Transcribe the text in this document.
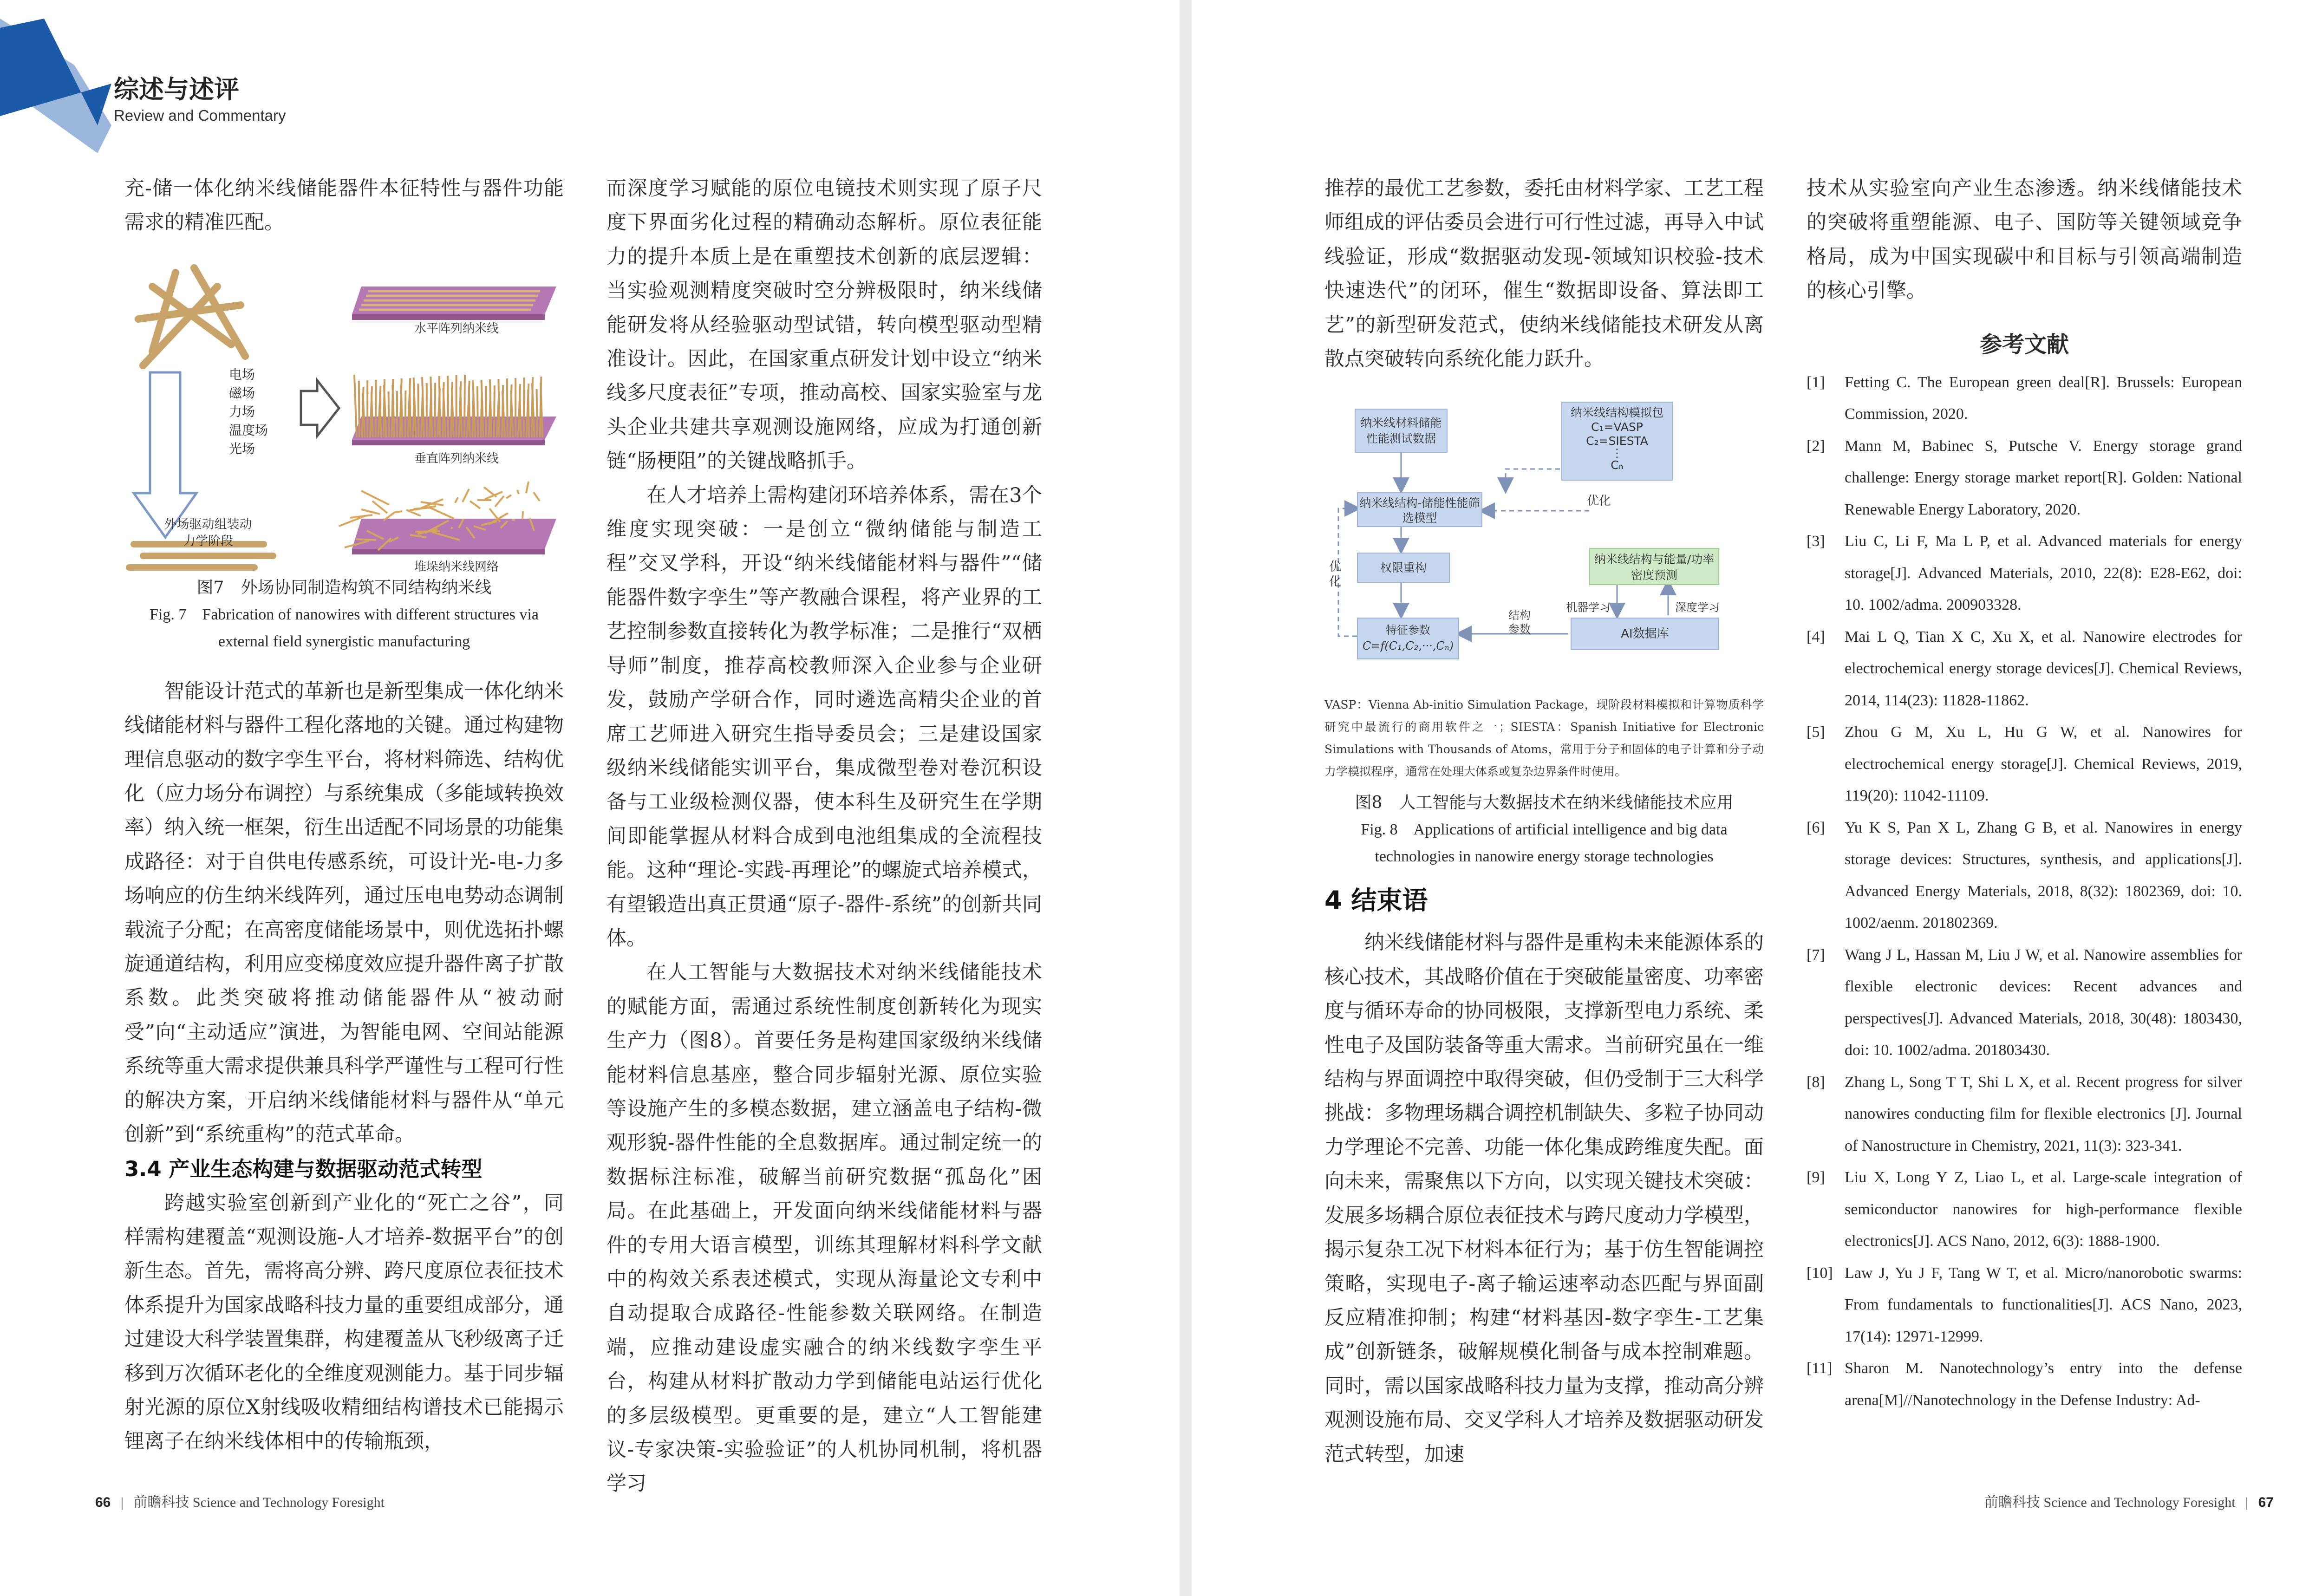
综述与述评
Review and Commentary

充-储一体化纳米线储能器件本征特性与器件功能需求的精准匹配。

电场
磁场
力场
温度场
光场
外场驱动组装动力学阶段
水平阵列纳米线
垂直阵列纳米线
堆垛纳米线网络
图7　外场协同制造构筑不同结构纳米线
Fig. 7　Fabrication of nanowires with different structures via
external field synergistic manufacturing

智能设计范式的革新也是新型集成一体化纳米线储能材料与器件工程化落地的关键。通过构建物理信息驱动的数字孪生平台，将材料筛选、结构优化（应力场分布调控）与系统集成（多能域转换效率）纳入统一框架，衍生出适配不同场景的功能集成路径：对于自供电传感系统，可设计光-电-力多场响应的仿生纳米线阵列，通过压电电势动态调制载流子分配；在高密度储能场景中，则优选拓扑螺旋通道结构，利用应变梯度效应提升器件离子扩散系数。此类突破将推动储能器件从“被动耐受”向“主动适应”演进，为智能电网、空间站能源系统等重大需求提供兼具科学严谨性与工程可行性的解决方案，开启纳米线储能材料与器件从“单元创新”到“系统重构”的范式革命。

3.4 产业生态构建与数据驱动范式转型

跨越实验室创新到产业化的“死亡之谷”，同样需构建覆盖“观测设施-人才培养-数据平台”的创新生态。首先，需将高分辨、跨尺度原位表征技术体系提升为国家战略科技力量的重要组成部分，通过建设大科学装置集群，构建覆盖从飞秒级离子迁移到万次循环老化的全维度观测能力。基于同步辐射光源的原位X射线吸收精细结构谱技术已能揭示锂离子在纳米线体相中的传输瓶颈，

而深度学习赋能的原位电镜技术则实现了原子尺度下界面劣化过程的精确动态解析。原位表征能力的提升本质上是在重塑技术创新的底层逻辑：当实验观测精度突破时空分辨极限时，纳米线储能研发将从经验驱动型试错，转向模型驱动型精准设计。因此，在国家重点研发计划中设立“纳米线多尺度表征”专项，推动高校、国家实验室与龙头企业共建共享观测设施网络，应成为打通创新链“肠梗阻”的关键战略抓手。

在人才培养上需构建闭环培养体系，需在3个维度实现突破：一是创立“微纳储能与制造工程”交叉学科，开设“纳米线储能材料与器件”“储能器件数字孪生”等产教融合课程，将产业界的工艺控制参数直接转化为教学标准；二是推行“双栖导师”制度，推荐高校教师深入企业参与企业研发，鼓励产学研合作，同时遴选高精尖企业的首席工艺师进入研究生指导委员会；三是建设国家级纳米线储能实训平台，集成微型卷对卷沉积设备与工业级检测仪器，使本科生及研究生在学期间即能掌握从材料合成到电池组集成的全流程技能。这种“理论-实践-再理论”的螺旋式培养模式，有望锻造出真正贯通“原子-器件-系统”的创新共同体。

在人工智能与大数据技术对纳米线储能技术的赋能方面，需通过系统性制度创新转化为现实生产力（图8）。首要任务是构建国家级纳米线储能材料信息基座，整合同步辐射光源、原位实验等设施产生的多模态数据，建立涵盖电子结构-微观形貌-器件性能的全息数据库。通过制定统一的数据标注标准，破解当前研究数据“孤岛化”困局。在此基础上，开发面向纳米线储能材料与器件的专用大语言模型，训练其理解材料科学文献中的构效关系表述模式，实现从海量论文专利中自动提取合成路径-性能参数关联网络。在制造端，应推动建设虚实融合的纳米线数字孪生平台，构建从材料扩散动力学到储能电站运行优化的多层级模型。更重要的是，建立“人工智能建议-专家决策-实验验证”的人机协同机制，将机器学习

66 | 前瞻科技 Science and Technology Foresight

推荐的最优工艺参数，委托由材料学家、工艺工程师组成的评估委员会进行可行性过滤，再导入中试线验证，形成“数据驱动发现-领域知识校验-技术快速迭代”的闭环，催生“数据即设备、算法即工艺”的新型研发范式，使纳米线储能技术研发从离散点突破转向系统化能力跃升。

纳米线材料储能性能测试数据
纳米线结构模拟包
C₁=VASP
C₂=SIESTA
⋮
Cₙ
纳米线结构-储能性能筛选模型
优化
权限重构
纳米线结构与能量/功率密度预测
优化
特征参数
C=f(C₁,C₂,···,Cₙ)
结构参数
机器学习	深度学习
AI数据库
VASP：Vienna Ab-initio Simulation Package，现阶段材料模拟和计算物质科学研究中最流行的商用软件之一；SIESTA：Spanish Initiative for Electronic Simulations with Thousands of Atoms，常用于分子和固体的电子计算和分子动力学模拟程序，通常在处理大体系或复杂边界条件时使用。
图8　人工智能与大数据技术在纳米线储能技术应用
Fig. 8　Applications of artificial intelligence and big data
technologies in nanowire energy storage technologies
4 结束语

纳米线储能材料与器件是重构未来能源体系的核心技术，其战略价值在于突破能量密度、功率密度与循环寿命的协同极限，支撑新型电力系统、柔性电子及国防装备等重大需求。当前研究虽在一维结构与界面调控中取得突破，但仍受制于三大科学挑战：多物理场耦合调控机制缺失、多粒子协同动力学理论不完善、功能一体化集成跨维度失配。面向未来，需聚焦以下方向，以实现关键技术突破：发展多场耦合原位表征技术与跨尺度动力学模型，揭示复杂工况下材料本征行为；基于仿生智能调控策略，实现电子-离子输运速率动态匹配与界面副反应精准抑制；构建“材料基因-数字孪生-工艺集成”创新链条，破解规模化制备与成本控制难题。同时，需以国家战略科技力量为支撑，推动高分辨观测设施布局、交叉学科人才培养及数据驱动研发范式转型，加速

技术从实验室向产业生态渗透。纳米线储能技术的突破将重塑能源、电子、国防等关键领域竞争格局，成为中国实现碳中和目标与引领高端制造的核心引擎。

参考文献
[1]	Fetting C. The European green deal[R]. Brussels: European Commission, 2020.
[2]	Mann M, Babinec S, Putsche V. Energy storage grand challenge: Energy storage market report[R]. Golden: National Renewable Energy Laboratory, 2020.
[3]	Liu C, Li F, Ma L P, et al. Advanced materials for energy storage[J]. Advanced Materials, 2010, 22(8): E28-E62, doi: 10. 1002/adma. 200903328.
[4]	Mai L Q, Tian X C, Xu X, et al. Nanowire electrodes for electrochemical energy storage devices[J]. Chemical Reviews, 2014, 114(23): 11828-11862.
[5]	Zhou G M, Xu L, Hu G W, et al. Nanowires for electrochemical energy storage[J]. Chemical Reviews, 2019, 119(20): 11042-11109.
[6]	Yu K S, Pan X L, Zhang G B, et al. Nanowires in energy storage devices: Structures, synthesis, and applications[J]. Advanced Energy Materials, 2018, 8(32): 1802369, doi: 10. 1002/aenm. 201802369.
[7]	Wang J L, Hassan M, Liu J W, et al. Nanowire assemblies for flexible electronic devices: Recent advances and perspectives[J]. Advanced Materials, 2018, 30(48): 1803430, doi: 10. 1002/adma. 201803430.
[8]	Zhang L, Song T T, Shi L X, et al. Recent progress for silver nanowires conducting film for flexible electronics [J]. Journal of Nanostructure in Chemistry, 2021, 11(3): 323-341.
[9]	Liu X, Long Y Z, Liao L, et al. Large-scale integration of semiconductor nanowires for high-performance flexible electronics[J]. ACS Nano, 2012, 6(3): 1888-1900.
[10] Law J, Yu J F, Tang W T, et al. Micro/nanorobotic swarms: From fundamentals to functionalities[J]. ACS Nano, 2023, 17(14): 12971-12999.
[11] Sharon M. Nanotechnology’s entry into the defense arena[M]//Nanotechnology in the Defense Industry: Ad-
前瞻科技 Science and Technology Foresight | 67
